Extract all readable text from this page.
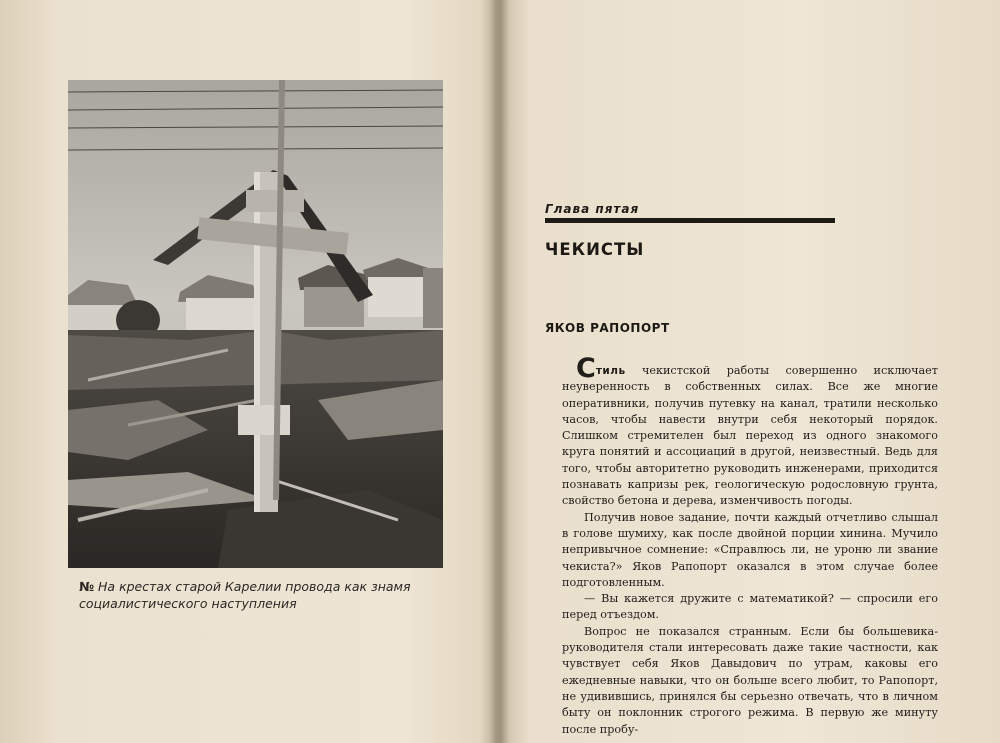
№ На крестах старой Карелии провода как знамя социалистического наступления

Глава пятая
ЧЕКИСТЫ
ЯКОВ РАПОПОРТ

Стиль чекистской работы совершенно исключает неуверенность в собственных силах. Все же многие оперативники, получив путевку на канал, тратили несколько часов, чтобы навести внутри себя некоторый порядок. Слишком стремителен был переход из одного знакомого круга понятий и ассоциаций в другой, неизвестный. Ведь для того, чтобы авторитетно руководить инженерами, приходится познавать капризы рек, геологическую родословную грунта, свойство бетона и дерева, изменчивость погоды.

Получив новое задание, почти каждый отчетливо слышал в голове шумиху, как после двойной порции хинина. Мучило непривычное сомнение: «Справлюсь ли, не уроню ли звание чекиста?» Яков Рапопорт оказался в этом случае более подготовленным.

— Вы кажется дружите с математикой? — спросили его перед отъездом.

Вопрос не показался странным. Если бы большевика-руководителя стали интересовать даже такие частности, как чувствует себя Яков Давыдович по утрам, каковы его ежедневные навыки, что он больше всего любит, то Рапопорт, не удивившись, принялся бы серьезно отвечать, что в личном быту он поклонник строгого режима. В первую же минуту после пробу-
